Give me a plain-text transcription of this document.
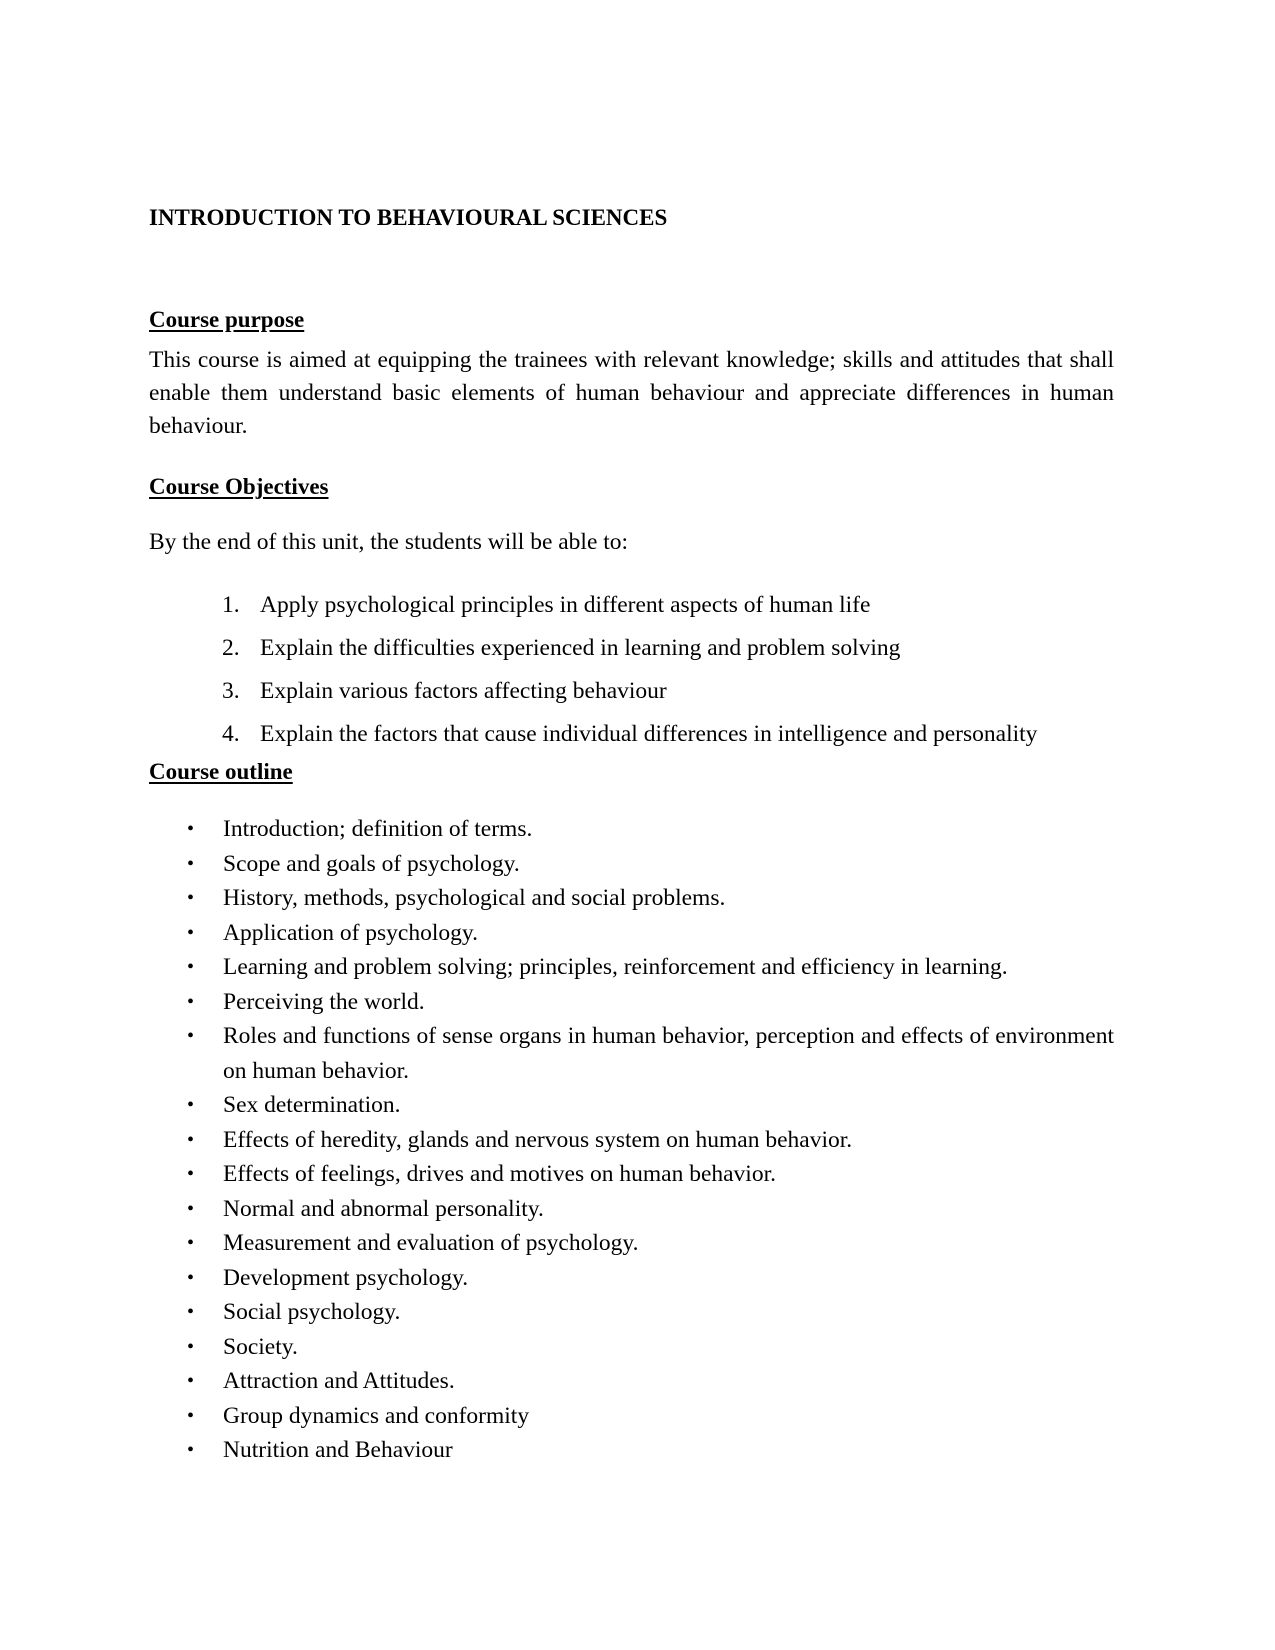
INTRODUCTION TO BEHAVIOURAL SCIENCES
Course purpose

This course is aimed at equipping the trainees with relevant knowledge; skills and attitudes that shall enable them understand basic elements of human behaviour and appreciate differences in human behaviour.

Course Objectives

By the end of this unit, the students will be able to:

1. Apply psychological principles in different aspects of human life
2. Explain the difficulties experienced in learning and problem solving
3. Explain various factors affecting behaviour
4. Explain the factors that cause individual differences in intelligence and personality
Course outline
• Introduction; definition of terms.
• Scope and goals of psychology.
• History, methods, psychological and social problems.
• Application of psychology.
• Learning and problem solving; principles, reinforcement and efficiency in learning.
• Perceiving the world.
• Roles and functions of sense organs in human behavior, perception and effects of environment on human behavior.
• Sex determination.
• Effects of heredity, glands and nervous system on human behavior.
• Effects of feelings, drives and motives on human behavior.
• Normal and abnormal personality.
• Measurement and evaluation of psychology.
• Development psychology.
• Social psychology.
• Society.
• Attraction and Attitudes.
• Group dynamics and conformity
• Nutrition and Behaviour
